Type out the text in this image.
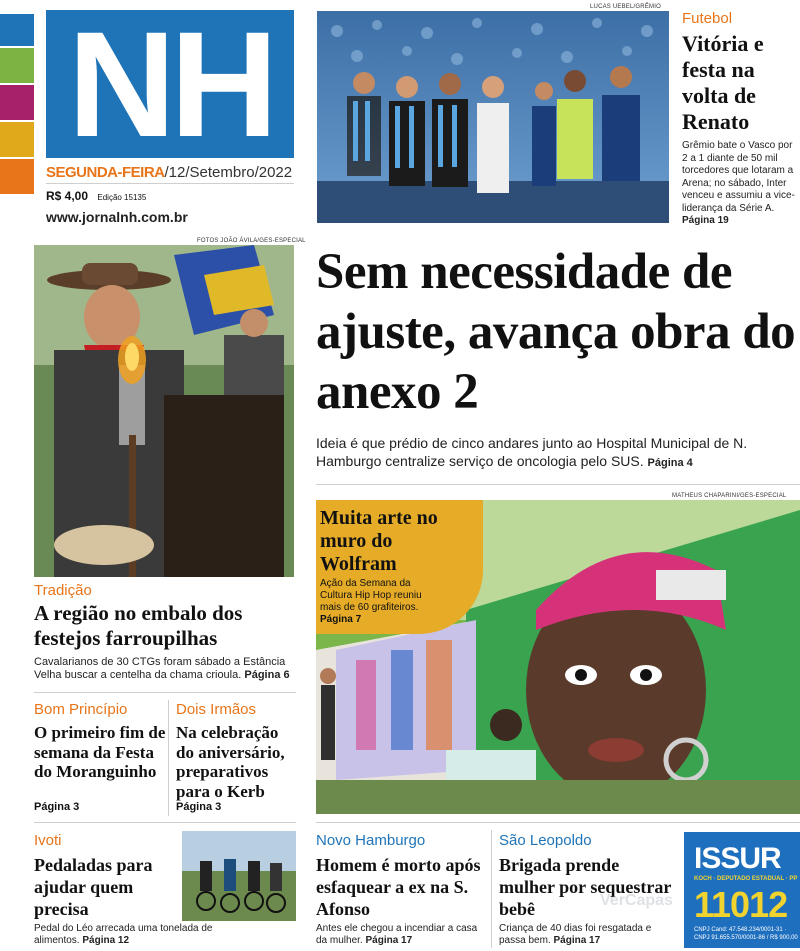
NH
SEGUNDA-FEIRA/12/Setembro/2022
R$ 4,00 Edição 15135
www.jornalnh.com.br
LUCAS UEBEL/GRÊMIO
Futebol
Vitória e festa na volta de Renato
Grêmio bate o Vasco por 2 a 1 diante de 50 mil torcedores que lotaram a Arena; no sábado, Inter venceu e assumiu a vice-liderança da Série A. Página 19
FOTOS JOÃO ÁVILA/GES-ESPECIAL
Tradição
A região no embalo dos festejos farroupilhas
Cavalarianos de 30 CTGs foram sábado a Estância Velha buscar a centelha da chama crioula. Página 6
Sem necessidade de ajuste, avança obra do anexo 2
Ideia é que prédio de cinco andares junto ao Hospital Municipal de N. Hamburgo centralize serviço de oncologia pelo SUS. Página 4
MATHEUS CHAPARINI/GES-ESPECIAL
Muita arte no muro do Wolfram
Ação da Semana da Cultura Hip Hop reuniu mais de 60 grafiteiros. Página 7
Bom Princípio
O primeiro fim de semana da Festa do Moranguinho
Página 3
Dois Irmãos
Na celebração do aniversário, preparativos para o Kerb
Página 3
Ivoti
Pedaladas para ajudar quem precisa
Pedal do Léo arrecada uma tonelada de alimentos. Página 12
Novo Hamburgo
Homem é morto após esfaquear a ex na S. Afonso
Antes ele chegou a incendiar a casa da mulher. Página 17
São Leopoldo
Brigada prende mulher por sequestrar bebê
Criança de 40 dias foi resgatada e passa bem. Página 17
APENSO
ISSUR
KOCH · DEPUTADO ESTADUAL · PP
11012
CNPJ Cand: 47.548.234/0001-31 · CNPJ 91.655.570/0001-86 / R$ 900,00
VerCapas
